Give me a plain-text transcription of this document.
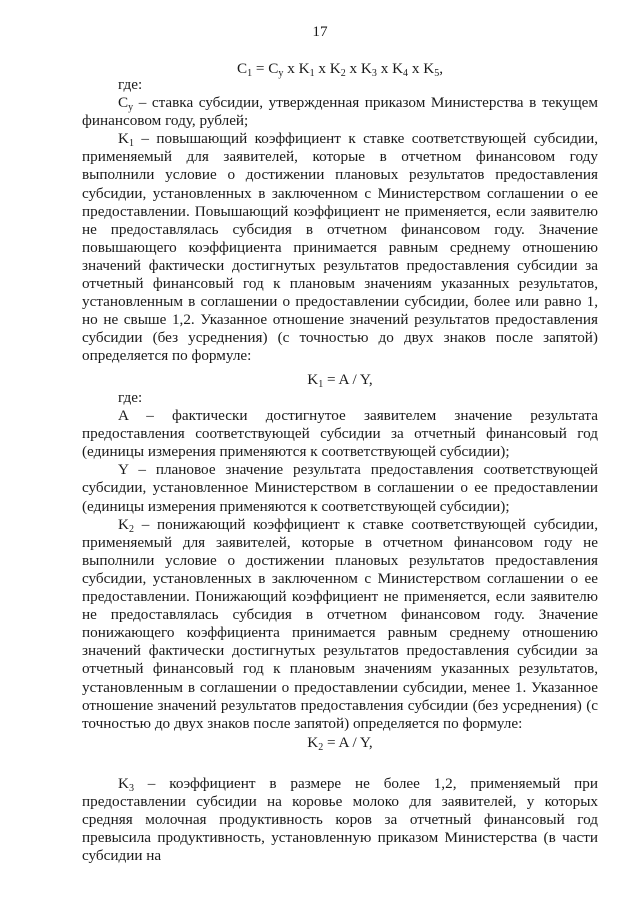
17
$C_1 = C_y$ x $K_1$ x $K_2$ x $K_3$ x $K_4$ x $K_5$,

где:

$C_y$ – ставка субсидии, утвержденная приказом Министерства в текущем финансовом году, рублей;

$K_1$ – повышающий коэффициент к ставке соответствующей субсидии, применяемый для заявителей, которые в отчетном финансовом году выполнили условие о достижении плановых результатов предоставления субсидии, установленных в заключенном с Министерством соглашении о ее предоставлении. Повышающий коэффициент не применяется, если заявителю не предоставлялась субсидия в отчетном финансовом году. Значение повышающего коэффициента принимается равным среднему отношению значений фактически достигнутых результатов предоставления субсидии за отчетный финансовый год к плановым значениям указанных результатов, установленным в соглашении о предоставлении субсидии, более или равно 1, но не свыше 1,2. Указанное отношение значений результатов предоставления субсидии (без усреднения) (с точностью до двух знаков после запятой) определяется по формуле:

$K_1 = A / Y$,

где:

A – фактически достигнутое заявителем значение результата предоставления соответствующей субсидии за отчетный финансовый год (единицы измерения применяются к соответствующей субсидии);

Y – плановое значение результата предоставления соответствующей субсидии, установленное Министерством в соглашении о ее предоставлении (единицы измерения применяются к соответствующей субсидии);

$K_2$ – понижающий коэффициент к ставке соответствующей субсидии, применяемый для заявителей, которые в отчетном финансовом году не выполнили условие о достижении плановых результатов предоставления субсидии, установленных в заключенном с Министерством соглашении о ее предоставлении. Понижающий коэффициент не применяется, если заявителю не предоставлялась субсидия в отчетном финансовом году. Значение понижающего коэффициента принимается равным среднему отношению значений фактически достигнутых результатов предоставления субсидии за отчетный финансовый год к плановым значениям указанных результатов, установленным в соглашении о предоставлении субсидии, менее 1. Указанное отношение значений результатов предоставления субсидии (без усреднения) (с точностью до двух знаков после запятой) определяется по формуле:

$K_2 = A / Y$,

$K_3$ – коэффициент в размере не более 1,2, применяемый при предоставлении субсидии на коровье молоко для заявителей, у которых средняя молочная продуктивность коров за отчетный финансовый год превысила продуктивность, установленную приказом Министерства (в части субсидии на
